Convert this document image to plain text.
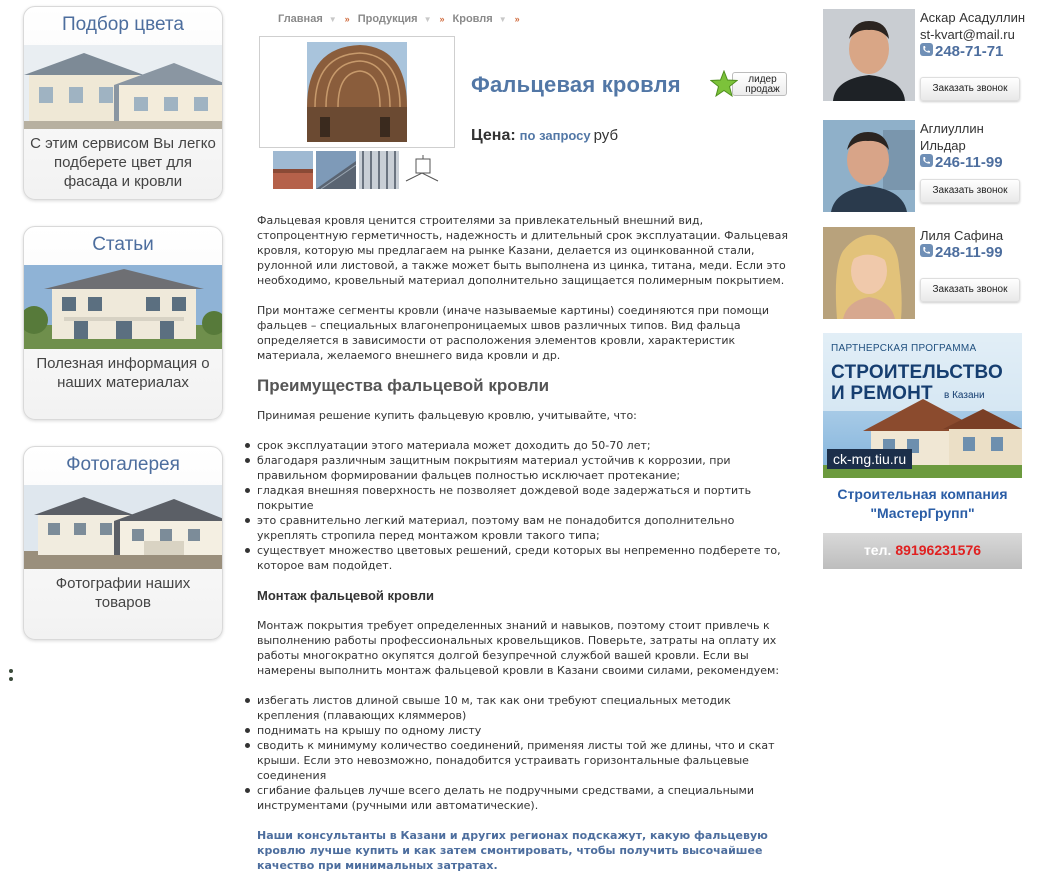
Подбор цвета
С этим сервисом Вы легко подберете цвет для фасада и кровли
Статьи
Полезная информация о наших материалах
Фотогалерея
Фотографии наших товаров
Главная ▼ » Продукция ▼ » Кровля ▼ »
Фальцевая кровля	лидер продаж
Цена: по запросу руб

Фальцевая кровля ценится строителями за привлекательный внешний вид, стопроцентную герметичность, надежность и длительный срок эксплуатации. Фальцевая кровля, которую мы предлагаем на рынке Казани, делается из оцинкованной стали, рулонной или листовой, а также может быть выполнена из цинка, титана, меди. Если это необходимо, кровельный материал дополнительно защищается полимерным покрытием.

При монтаже сегменты кровли (иначе называемые картины) соединяются при помощи фальцев – специальных влагонепроницаемых швов различных типов. Вид фальца определяется в зависимости от расположения элементов кровли, характеристик материала, желаемого внешнего вида кровли и др.

Преимущества фальцевой кровли

Принимая решение купить фальцевую кровлю, учитывайте, что:

срок эксплуатации этого материала может доходить до 50-70 лет;
благодаря различным защитным покрытиям материал устойчив к коррозии, при правильном формировании фальцев полностью исключает протекание;
гладкая внешняя поверхность не позволяет дождевой воде задержаться и портить покрытие
это сравнительно легкий материал, поэтому вам не понадобится дополнительно укреплять стропила перед монтажом кровли такого типа;
существует множество цветовых решений, среди которых вы непременно подберете то, которое вам подойдет.
Монтаж фальцевой кровли

Монтаж покрытия требует определенных знаний и навыков, поэтому стоит привлечь к выполнению работы профессиональных кровельщиков. Поверьте, затраты на оплату их работы многократно окупятся долгой безупречной службой вашей кровли. Если вы намерены выполнить монтаж фальцевой кровли в Казани своими силами, рекомендуем:

избегать листов длиной свыше 10 м, так как они требуют специальных методик крепления (плавающих кляммеров)
поднимать на крышу по одному листу
сводить к минимуму количество соединений, применяя листы той же длины, что и скат крыши. Если это невозможно, понадобится устраивать горизонтальные фальцевые соединения
сгибание фальцев лучше всего делать не подручными средствами, а специальными инструментами (ручными или автоматические).

Наши консультанты в Казани и других регионах подскажут, какую фальцевую кровлю лучше купить и как затем смонтировать, чтобы получить высочайшее качество при минимальных затратах.

Аскар Асадуллин
st-kvart@mail.ru
248-71-71
Заказать звонок
Аглиуллин Ильдар
246-11-99
Заказать звонок
Лиля Сафина
248-11-99
Заказать звонок
ПАРТНЕРСКАЯ ПРОГРАММА
СТРОИТЕЛЬСТВО
И РЕМОНТ	в Казани
ck-mg.tiu.ru
Строительная компания
"МастерГрупп"
тел. 89196231576
